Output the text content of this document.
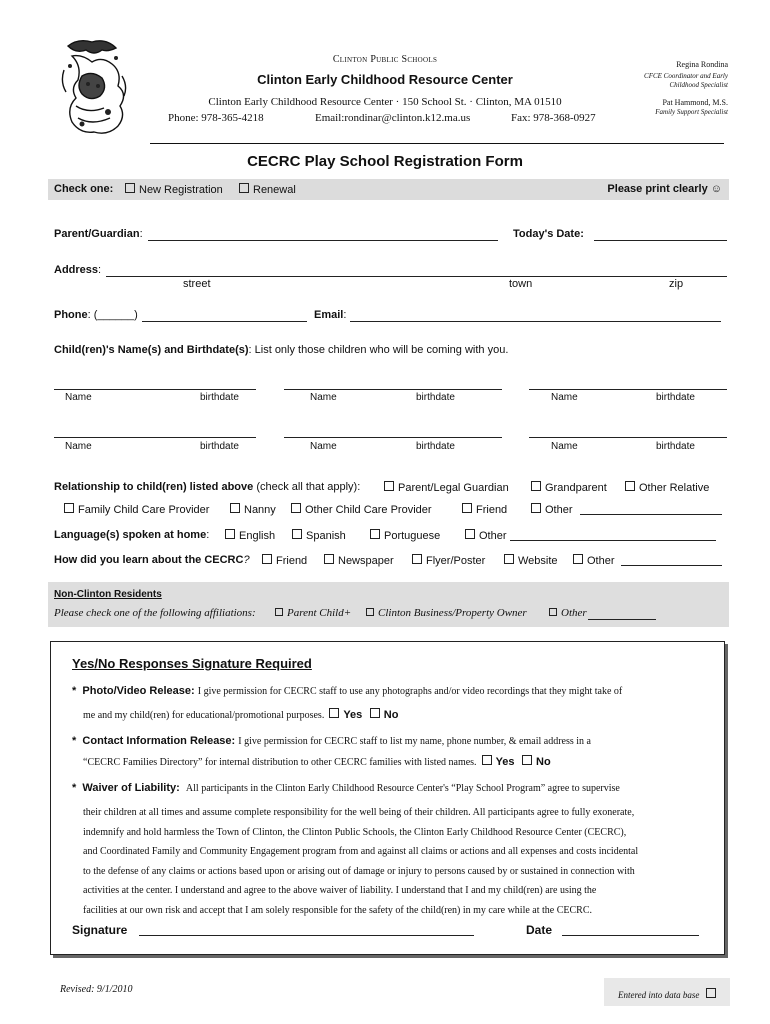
Clinton Public Schools
Clinton Early Childhood Resource Center
Clinton Early Childhood Resource Center · 150 School St. · Clinton, MA 01510
Phone: 978-365-4218	Email:rondinar@clinton.k12.ma.us	Fax: 978-368-0927
Regina Rondina
CFCE Coordinator and Early
Childhood Specialist
Pat Hammond, M.S.
Family Support Specialist
CECRC Play School Registration Form
Check one:	New Registration	Renewal	Please print clearly ☺
Parent/Guardian:	Today's Date:
Address:
street	town	zip
Phone: (______)	Email:
Child(ren)'s Name(s) and Birthdate(s): List only those children who will be coming with you.
Name	birthdate	Name	birthdate	Name	birthdate
Name	birthdate	Name	birthdate	Name	birthdate
Relationship to child(ren) listed above (check all that apply):	Parent/Legal Guardian	Grandparent	Other Relative
Family Child Care Provider	Nanny	Other Child Care Provider	Friend	Other
Language(s) spoken at home:	English	Spanish	Portuguese	Other
How did you learn about the CECRC?	Friend	Newspaper	Flyer/Poster	Website	Other
Non-Clinton Residents
Please check one of the following affiliations:	Parent Child+	Clinton Business/Property Owner	Other
Yes/No Responses Signature Required
* Photo/Video Release: I give permission for CECRC staff to use any photographs and/or video recordings that they might take of
me and my child(ren) for educational/promotional purposes. Yes No
* Contact Information Release: I give permission for CECRC staff to list my name, phone number, & email address in a
“CECRC Families Directory” for internal distribution to other CECRC families with listed names. Yes No
* Waiver of Liability: All participants in the Clinton Early Childhood Resource Center's “Play School Program” agree to supervise
their children at all times and assume complete responsibility for the well being of their children. All participants agree to fully exonerate,
indemnify and hold harmless the Town of Clinton, the Clinton Public Schools, the Clinton Early Childhood Resource Center (CECRC),
and Coordinated Family and Community Engagement program from and against all claims or actions and all expenses and costs incidental
to the defense of any claims or actions based upon or arising out of damage or injury to persons caused by or sustained in connection with
activities at the center. I understand and agree to the above waiver of liability. I understand that I and my child(ren) are using the
facilities at our own risk and accept that I am solely responsible for the safety of the child(ren) in my care while at the CECRC.
Signature	Date
Revised: 9/1/2010	Entered into data base
